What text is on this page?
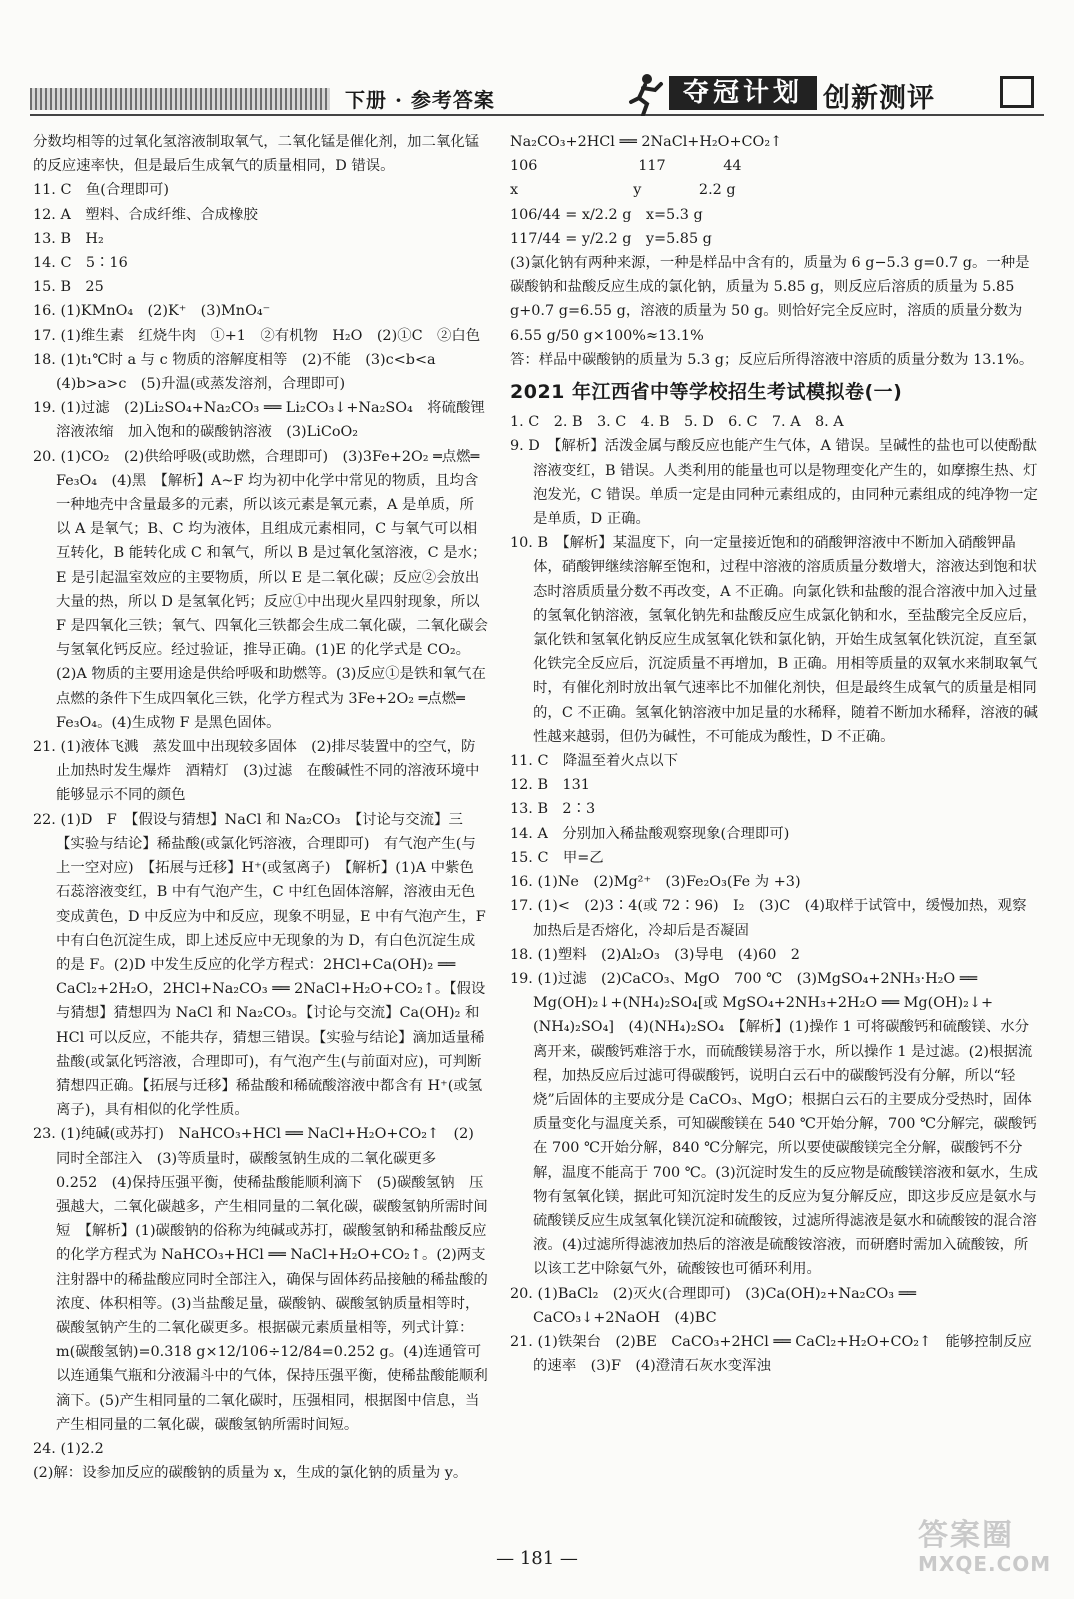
下册 · 参考答案	夺冠计划 创新测评

分数均相等的过氧化氢溶液制取氧气，二氧化锰是催化剂，加二氧化锰的反应速率快，但是最后生成氧气的质量相同，D 错误。

11. C　鱼(合理即可)

12. A　塑料、合成纤维、合成橡胶

13. B　H₂

14. C　5∶16

15. B　25

16. (1)KMnO₄　(2)K⁺　(3)MnO₄⁻

17. (1)维生素　红烧牛肉　①+1　②有机物　H₂O　(2)①C　②白色

18. (1)t₁℃时 a 与 c 物质的溶解度相等　(2)不能　(3)c<b<a　(4)b>a>c　(5)升温(或蒸发溶剂，合理即可)

19. (1)过滤　(2)Li₂SO₄+Na₂CO₃ ══ Li₂CO₃↓+Na₂SO₄　将硫酸锂溶液浓缩　加入饱和的碳酸钠溶液　(3)LiCoO₂

20. (1)CO₂　(2)供给呼吸(或助燃，合理即可)　(3)3Fe+2O₂ ═点燃═ Fe₃O₄　(4)黑　【解析】A~F 均为初中化学中常见的物质，且均含一种地壳中含量最多的元素，所以该元素是氧元素，A 是单质，所以 A 是氧气；B、C 均为液体，且组成元素相同，C 与氧气可以相互转化，B 能转化成 C 和氧气，所以 B 是过氧化氢溶液，C 是水；E 是引起温室效应的主要物质，所以 E 是二氧化碳；反应②会放出大量的热，所以 D 是氢氧化钙；反应①中出现火星四射现象，所以 F 是四氧化三铁；氧气、四氧化三铁都会生成二氧化碳，二氧化碳会与氢氧化钙反应。经过验证，推导正确。(1)E 的化学式是 CO₂。(2)A 物质的主要用途是供给呼吸和助燃等。(3)反应①是铁和氧气在点燃的条件下生成四氧化三铁，化学方程式为 3Fe+2O₂ ═点燃═ Fe₃O₄。(4)生成物 F 是黑色固体。

21. (1)液体飞溅　蒸发皿中出现较多固体　(2)排尽装置中的空气，防止加热时发生爆炸　酒精灯　(3)过滤　在酸碱性不同的溶液环境中能够显示不同的颜色

22. (1)D　F　【假设与猜想】NaCl 和 Na₂CO₃　【讨论与交流】三　【实验与结论】稀盐酸(或氯化钙溶液，合理即可)　有气泡产生(与上一空对应)　【拓展与迁移】H⁺(或氢离子)　【解析】(1)A 中紫色石蕊溶液变红，B 中有气泡产生，C 中红色固体溶解，溶液由无色变成黄色，D 中反应为中和反应，现象不明显，E 中有气泡产生，F 中有白色沉淀生成，即上述反应中无现象的为 D，有白色沉淀生成的是 F。(2)D 中发生反应的化学方程式：2HCl+Ca(OH)₂ ══ CaCl₂+2H₂O，2HCl+Na₂CO₃ ══ 2NaCl+H₂O+CO₂↑。【假设与猜想】猜想四为 NaCl 和 Na₂CO₃。【讨论与交流】Ca(OH)₂ 和 HCl 可以反应，不能共存，猜想三错误。【实验与结论】滴加适量稀盐酸(或氯化钙溶液，合理即可)，有气泡产生(与前面对应)，可判断猜想四正确。【拓展与迁移】稀盐酸和稀硫酸溶液中都含有 H⁺(或氢离子)，具有相似的化学性质。

23. (1)纯碱(或苏打)　NaHCO₃+HCl ══ NaCl+H₂O+CO₂↑　(2)同时全部注入　(3)等质量时，碳酸氢钠生成的二氧化碳更多　0.252　(4)保持压强平衡，使稀盐酸能顺利滴下　(5)碳酸氢钠　压强越大，二氧化碳越多，产生相同量的二氧化碳，碳酸氢钠所需时间短　【解析】(1)碳酸钠的俗称为纯碱或苏打，碳酸氢钠和稀盐酸反应的化学方程式为 NaHCO₃+HCl ══ NaCl+H₂O+CO₂↑。(2)两支注射器中的稀盐酸应同时全部注入，确保与固体药品接触的稀盐酸的浓度、体积相等。(3)当盐酸足量，碳酸钠、碳酸氢钠质量相等时，碳酸氢钠产生的二氧化碳更多。根据碳元素质量相等，列式计算：m(碳酸氢钠)=0.318 g×12/106÷12/84=0.252 g。(4)连通管可以连通集气瓶和分液漏斗中的气体，保持压强平衡，使稀盐酸能顺利滴下。(5)产生相同量的二氧化碳时，压强相同，根据图中信息，当产生相同量的二氧化碳，碳酸氢钠所需时间短。

24. (1)2.2

(2)解：设参加反应的碳酸钠的质量为 x，生成的氯化钠的质量为 y。

Na₂CO₃+2HCl ══ 2NaCl+H₂O+CO₂↑

106　　　　　　　117　　　　44

x　　　　　　　　y　　　　2.2 g

106/44 = x/2.2 g　x=5.3 g

117/44 = y/2.2 g　y=5.85 g

(3)氯化钠有两种来源，一种是样品中含有的，质量为 6 g−5.3 g=0.7 g。一种是碳酸钠和盐酸反应生成的氯化钠，质量为 5.85 g，则反应后溶质的质量为 5.85 g+0.7 g=6.55 g，溶液的质量为 50 g。则恰好完全反应时，溶质的质量分数为 6.55 g/50 g×100%≈13.1%

答：样品中碳酸钠的质量为 5.3 g；反应后所得溶液中溶质的质量分数为 13.1%。

2021 年江西省中等学校招生考试模拟卷(一)

1. C　2. B　3. C　4. B　5. D　6. C　7. A　8. A

9. D　【解析】活泼金属与酸反应也能产生气体，A 错误。呈碱性的盐也可以使酚酞溶液变红，B 错误。人类利用的能量也可以是物理变化产生的，如摩擦生热、灯泡发光，C 错误。单质一定是由同种元素组成的，由同种元素组成的纯净物一定是单质，D 正确。

10. B　【解析】某温度下，向一定量接近饱和的硝酸钾溶液中不断加入硝酸钾晶体，硝酸钾继续溶解至饱和，过程中溶液的溶质质量分数增大，溶液达到饱和状态时溶质质量分数不再改变，A 不正确。向氯化铁和盐酸的混合溶液中加入过量的氢氧化钠溶液，氢氧化钠先和盐酸反应生成氯化钠和水，至盐酸完全反应后，氯化铁和氢氧化钠反应生成氢氧化铁和氯化钠，开始生成氢氧化铁沉淀，直至氯化铁完全反应后，沉淀质量不再增加，B 正确。用相等质量的双氧水来制取氧气时，有催化剂时放出氧气速率比不加催化剂快，但是最终生成氧气的质量是相同的，C 不正确。氢氧化钠溶液中加足量的水稀释，随着不断加水稀释，溶液的碱性越来越弱，但仍为碱性，不可能成为酸性，D 不正确。

11. C　降温至着火点以下

12. B　131

13. B　2∶3

14. A　分别加入稀盐酸观察现象(合理即可)

15. C　甲=乙

16. (1)Ne　(2)Mg²⁺　(3)Fe₂O₃(Fe 为 +3)

17. (1)<　(2)3∶4(或 72∶96)　I₂　(3)C　(4)取样于试管中，缓慢加热，观察加热后是否熔化，冷却后是否凝固

18. (1)塑料　(2)Al₂O₃　(3)导电　(4)60　2

19. (1)过滤　(2)CaCO₃、MgO　700 ℃　(3)MgSO₄+2NH₃·H₂O ══ Mg(OH)₂↓+(NH₄)₂SO₄[或 MgSO₄+2NH₃+2H₂O ══ Mg(OH)₂↓+(NH₄)₂SO₄]　(4)(NH₄)₂SO₄　【解析】(1)操作 1 可将碳酸钙和硫酸镁、水分离开来，碳酸钙难溶于水，而硫酸镁易溶于水，所以操作 1 是过滤。(2)根据流程，加热反应后过滤可得碳酸钙，说明白云石中的碳酸钙没有分解，所以“轻烧”后固体的主要成分是 CaCO₃、MgO；根据白云石的主要成分受热时，固体质量变化与温度关系，可知碳酸镁在 540 ℃开始分解，700 ℃分解完，碳酸钙在 700 ℃开始分解，840 ℃分解完，所以要使碳酸镁完全分解，碳酸钙不分解，温度不能高于 700 ℃。(3)沉淀时发生的反应物是硫酸镁溶液和氨水，生成物有氢氧化镁，据此可知沉淀时发生的反应为复分解反应，即这步反应是氨水与硫酸镁反应生成氢氧化镁沉淀和硫酸铵，过滤所得滤液是氨水和硫酸铵的混合溶液。(4)过滤所得滤液加热后的溶液是硫酸铵溶液，而研磨时需加入硫酸铵，所以该工艺中除氨气外，硫酸铵也可循环利用。

20. (1)BaCl₂　(2)灭火(合理即可)　(3)Ca(OH)₂+Na₂CO₃ ══ CaCO₃↓+2NaOH　(4)BC

21. (1)铁架台　(2)BE　CaCO₃+2HCl ══ CaCl₂+H₂O+CO₂↑　能够控制反应的速率　(3)F　(4)澄清石灰水变浑浊

— 181 —
答案圈
MXQE.COM
